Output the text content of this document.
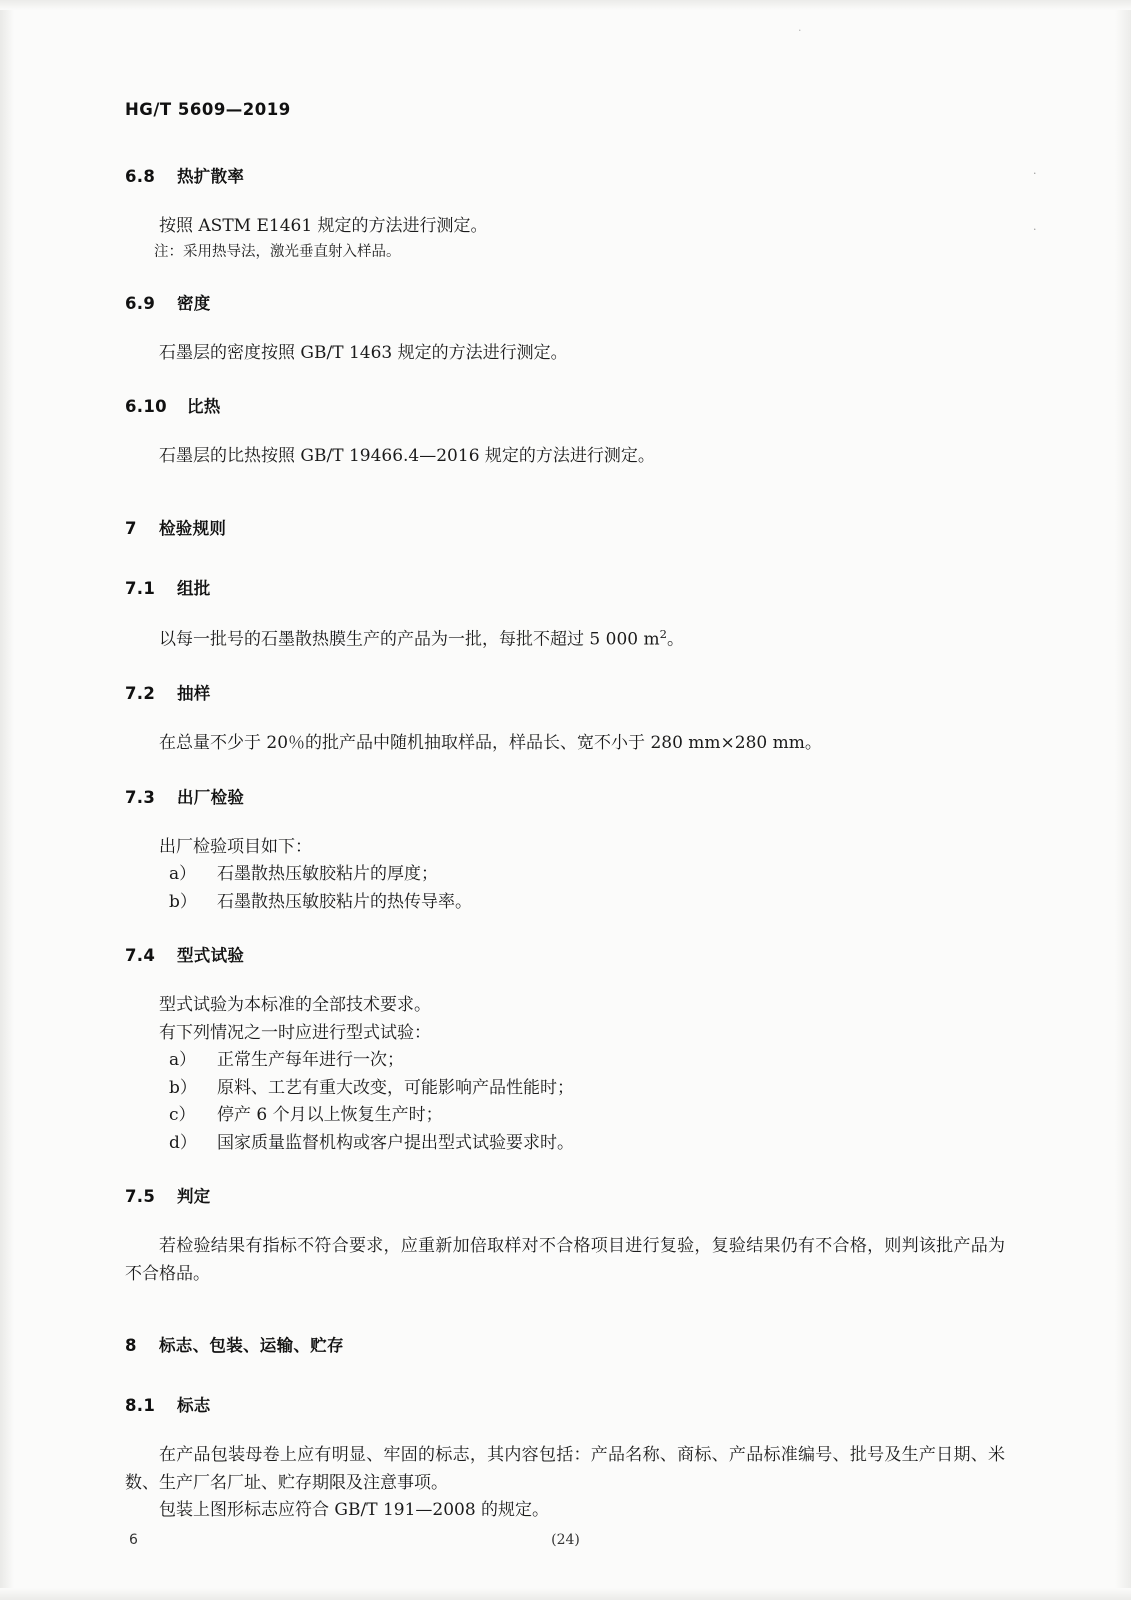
·
·
·
HG/T 5609—2019
6.8 热扩散率

按照 ASTM E1461 规定的方法进行测定。

注：采用热导法，激光垂直射入样品。

6.9 密度

石墨层的密度按照 GB/T 1463 规定的方法进行测定。

6.10 比热

石墨层的比热按照 GB/T 19466.4—2016 规定的方法进行测定。

7 检验规则
7.1 组批

以每一批号的石墨散热膜生产的产品为一批，每批不超过 5 000 $m^2$。

7.2 抽样

在总量不少于 20％的批产品中随机抽取样品，样品长、宽不小于 280 mm×280 mm。

7.3 出厂检验

出厂检验项目如下：

a）	石墨散热压敏胶粘片的厚度；

b）	石墨散热压敏胶粘片的热传导率。

7.4 型式试验

型式试验为本标准的全部技术要求。

有下列情况之一时应进行型式试验：

a）	正常生产每年进行一次；

b）	原料、工艺有重大改变，可能影响产品性能时；

c）	停产 6 个月以上恢复生产时；

d）	国家质量监督机构或客户提出型式试验要求时。

7.5 判定

若检验结果有指标不符合要求，应重新加倍取样对不合格项目进行复验，复验结果仍有不合格，则判该批产品为不合格品。

8 标志、包装、运输、贮存
8.1 标志

在产品包装母卷上应有明显、牢固的标志，其内容包括：产品名称、商标、产品标准编号、批号及生产日期、米数、生产厂名厂址、贮存期限及注意事项。

包装上图形标志应符合 GB/T 191—2008 的规定。

6	(24)
